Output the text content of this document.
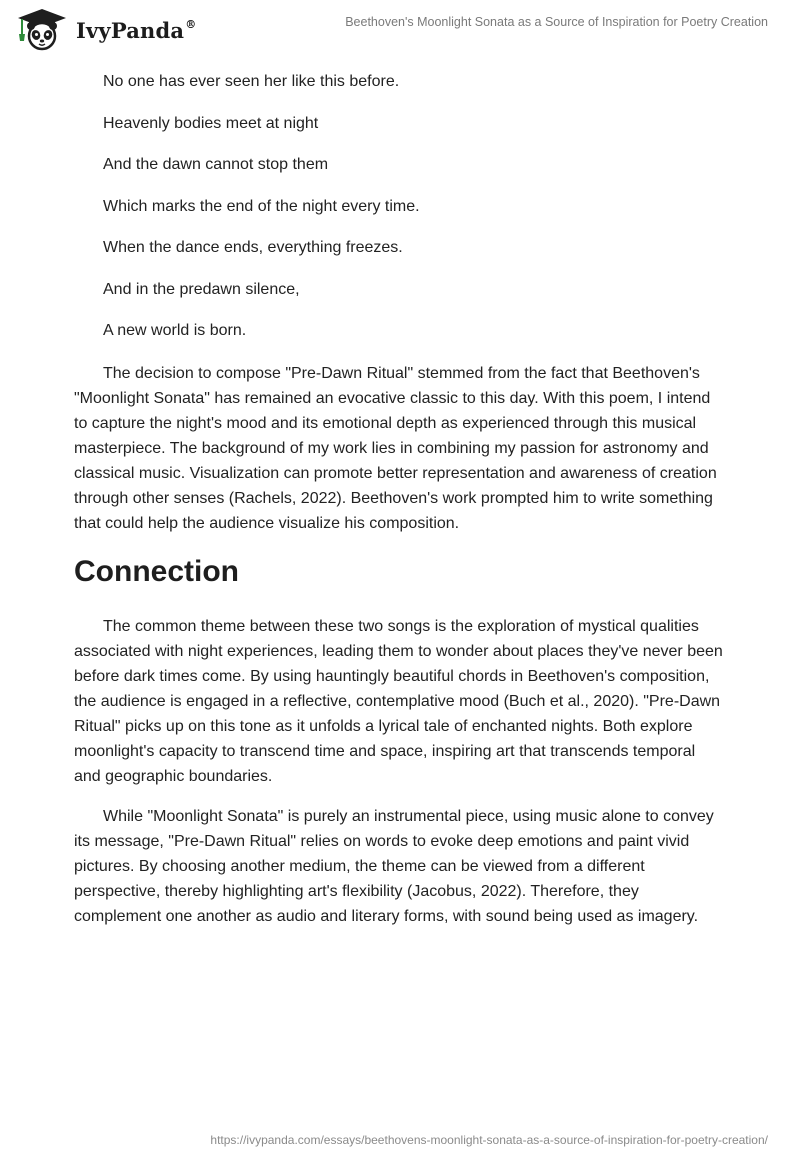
IvyPanda®	Beethoven's Moonlight Sonata as a Source of Inspiration for Poetry Creation

No one has ever seen her like this before.

Heavenly bodies meet at night

And the dawn cannot stop them

Which marks the end of the night every time.

When the dance ends, everything freezes.

And in the predawn silence,

A new world is born.

The decision to compose "Pre-Dawn Ritual" stemmed from the fact that Beethoven's "Moonlight Sonata" has remained an evocative classic to this day. With this poem, I intend to capture the night's mood and its emotional depth as experienced through this musical masterpiece. The background of my work lies in combining my passion for astronomy and classical music. Visualization can promote better representation and awareness of creation through other senses (Rachels, 2022). Beethoven's work prompted him to write something that could help the audience visualize his composition.

Connection

The common theme between these two songs is the exploration of mystical qualities associated with night experiences, leading them to wonder about places they've never been before dark times come. By using hauntingly beautiful chords in Beethoven's composition, the audience is engaged in a reflective, contemplative mood (Buch et al., 2020). "Pre-Dawn Ritual" picks up on this tone as it unfolds a lyrical tale of enchanted nights. Both explore moonlight's capacity to transcend time and space, inspiring art that transcends temporal and geographic boundaries.

While "Moonlight Sonata" is purely an instrumental piece, using music alone to convey its message, "Pre-Dawn Ritual" relies on words to evoke deep emotions and paint vivid pictures. By choosing another medium, the theme can be viewed from a different perspective, thereby highlighting art's flexibility (Jacobus, 2022). Therefore, they complement one another as audio and literary forms, with sound being used as imagery.

https://ivypanda.com/essays/beethovens-moonlight-sonata-as-a-source-of-inspiration-for-poetry-creation/
